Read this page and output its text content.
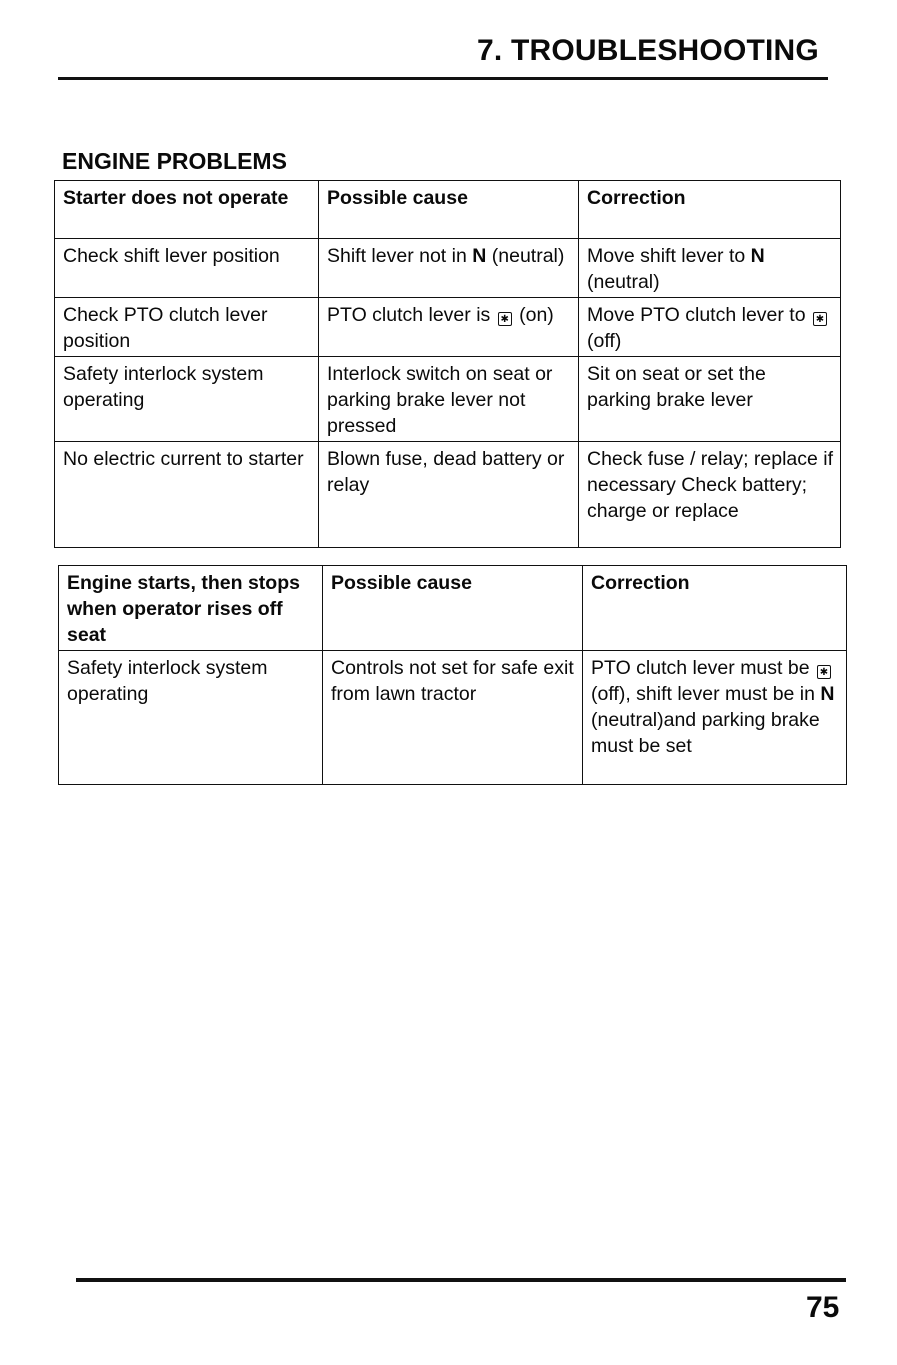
7. TROUBLESHOOTING
ENGINE PROBLEMS
Starter does not operate	Possible cause	Correction
Check shift lever position	Shift lever not in N (neutral)	Move shift lever to N (neutral)
Check PTO clutch lever position	PTO clutch lever is ✱ (on)	Move PTO clutch lever to ✱ (off)
Safety interlock system operating	Interlock switch on seat or parking brake lever not pressed	Sit on seat or set the parking brake lever
No electric current to starter	Blown fuse, dead battery or relay	Check fuse / relay; replace if necessary Check battery; charge or replace
Engine starts, then stops when operator rises off seat	Possible cause	Correction
Safety interlock system operating	Controls not set for safe exit from lawn tractor	PTO clutch lever must be ✱ (off), shift lever must be in N (neutral)and parking brake must be set
75
